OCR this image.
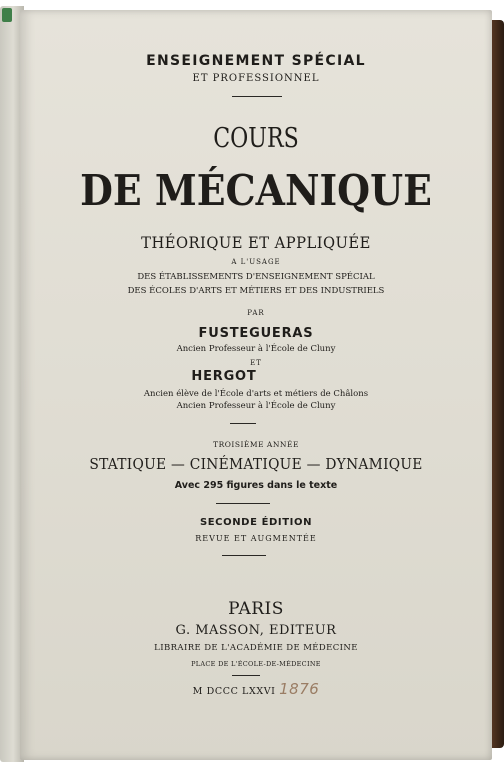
ENSEIGNEMENT SPÉCIAL

ET PROFESSIONNEL

COURS

DE MÉCANIQUE

THÉORIQUE ET APPLIQUÉE

A L'USAGE

DES ÉTABLISSEMENTS D'ENSEIGNEMENT SPÉCIAL

DES ÉCOLES D'ARTS ET MÉTIERS ET DES INDUSTRIELS

PAR

FUSTEGUERAS

Ancien Professeur à l'École de Cluny

ET

HERGOT

Ancien élève de l'École d'arts et métiers de Châlons

Ancien Professeur à l'École de Cluny

TROISIÈME ANNÉE

STATIQUE — CINÉMATIQUE — DYNAMIQUE

Avec 295 figures dans le texte

SECONDE ÉDITION

REVUE ET AUGMENTÉE

PARIS

G. MASSON, EDITEUR

LIBRAIRE DE L'ACADÉMIE DE MÉDECINE

PLACE DE L'ÉCOLE-DE-MÉDECINE

M DCCC LXXVI 1876
